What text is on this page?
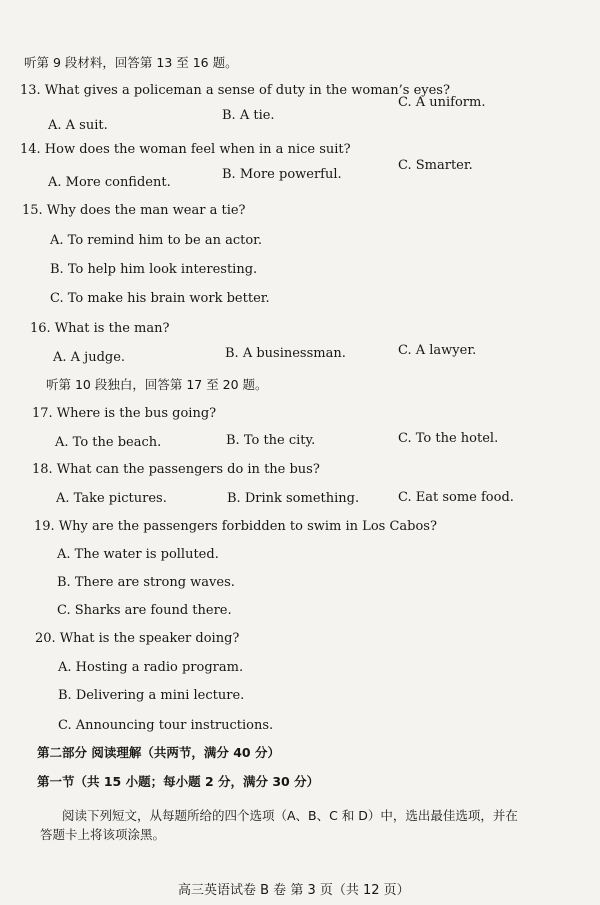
听第 9 段材料，回答第 13 至 16 题。
13. What gives a policeman a sense of duty in the woman’s eyes?
A. A suit.
B. A tie.
C. A uniform.
14. How does the woman feel when in a nice suit?
A. More confident.
B. More powerful.
C. Smarter.
15. Why does the man wear a tie?
A. To remind him to be an actor.
B. To help him look interesting.
C. To make his brain work better.
16. What is the man?
A. A judge.	B. A businessman.	C. A lawyer.
听第 10 段独白，回答第 17 至 20 题。
17. Where is the bus going?
A. To the beach.	B. To the city.	C. To the hotel.
18. What can the passengers do in the bus?
A. Take pictures.	B. Drink something.	C. Eat some food.
19. Why are the passengers forbidden to swim in Los Cabos?
A. The water is polluted.
B. There are strong waves.
C. Sharks are found there.
20. What is the speaker doing?
A. Hosting a radio program.
B. Delivering a mini lecture.
C. Announcing tour instructions.
第二部分 阅读理解（共两节，满分 40 分）
第一节（共 15 小题；每小题 2 分，满分 30 分）
阅读下列短文，从每题所给的四个选项（A、B、C 和 D）中，选出最佳选项，并在
答题卡上将该项涂黑。
高三英语试卷 B 卷 第 3 页（共 12 页）
